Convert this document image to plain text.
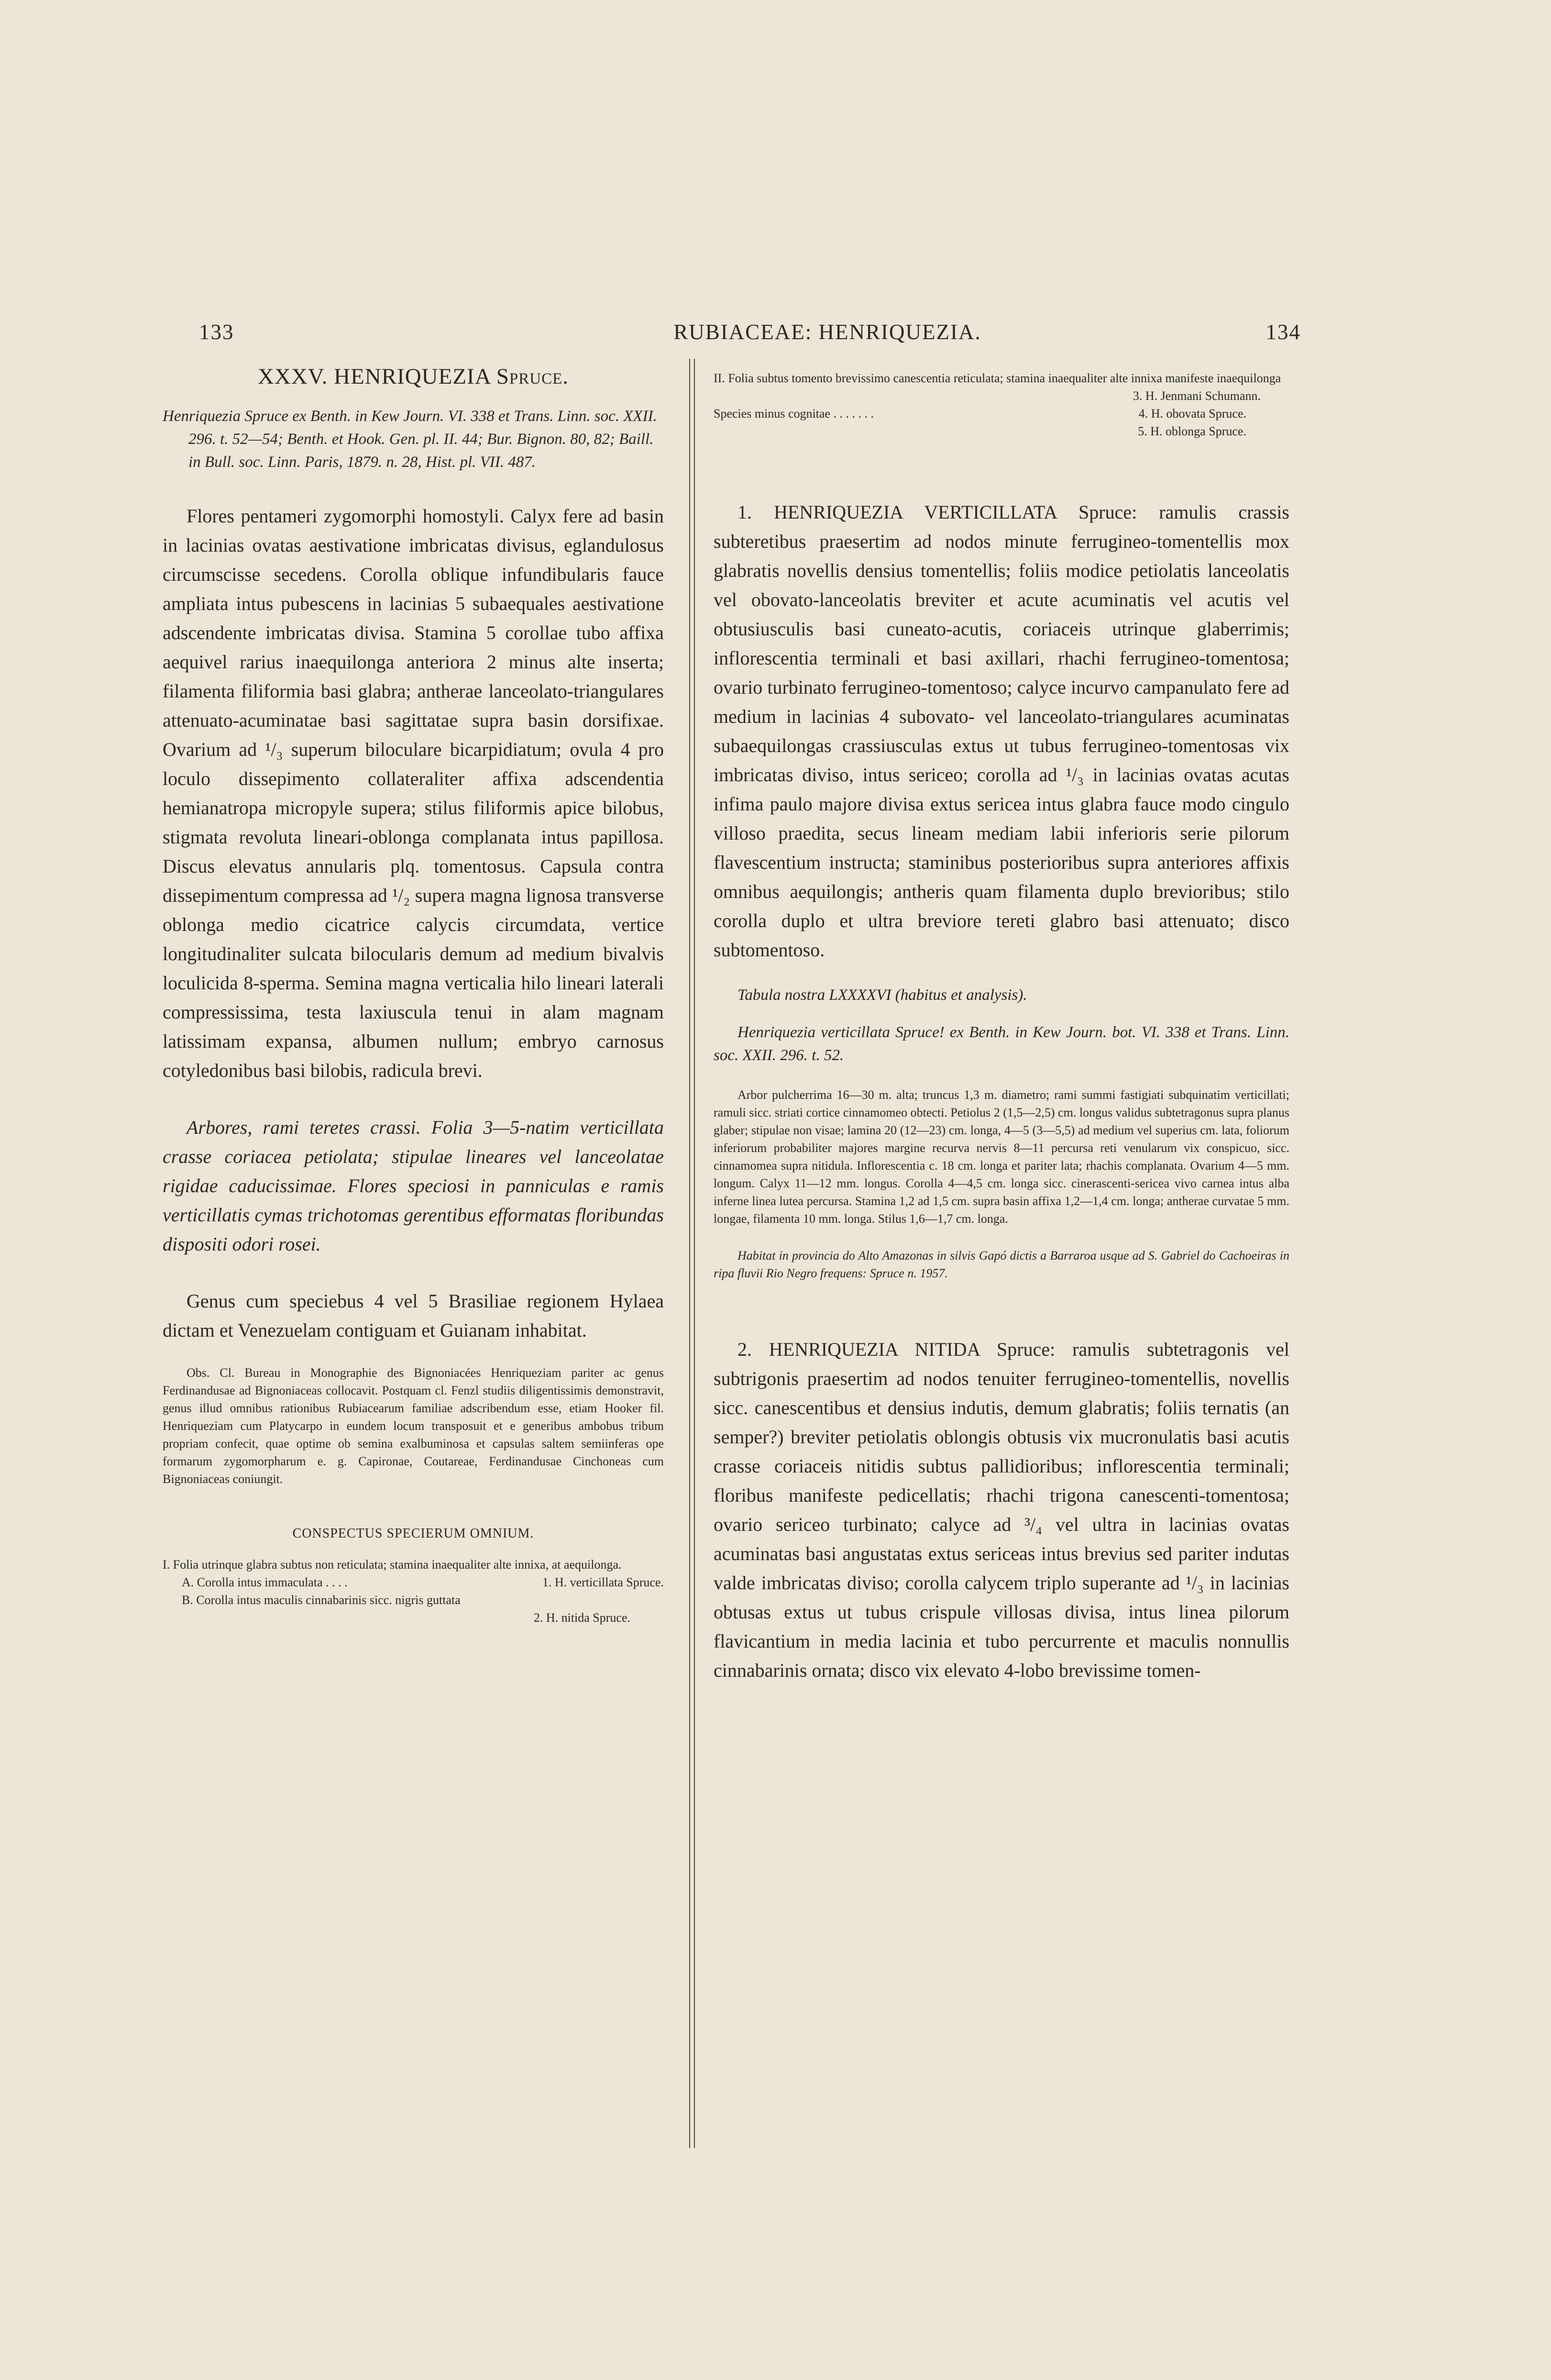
133	RUBIACEAE: HENRIQUEZIA.	134
XXXV. HENRIQUEZIA Spruce.

Henriquezia Spruce ex Benth. in Kew Journ. VI. 338 et Trans. Linn. soc. XXII. 296. t. 52—54; Benth. et Hook. Gen. pl. II. 44; Bur. Bignon. 80, 82; Baill. in Bull. soc. Linn. Paris, 1879. n. 28, Hist. pl. VII. 487.

Flores pentameri zygomorphi homostyli. Calyx fere ad basin in lacinias ovatas aestivatione imbricatas divisus, eglandulosus circumscisse secedens. Corolla oblique infundibularis fauce ampliata intus pubescens in lacinias 5 subaequales aestivatione adscendente imbricatas divisa. Stamina 5 corollae tubo affixa aequivel rarius inaequilonga anteriora 2 minus alte inserta; filamenta filiformia basi glabra; antherae lanceolato-triangulares attenuato-acuminatae basi sagittatae supra basin dorsifixae. Ovarium ad ¹/₃ superum biloculare bicarpidiatum; ovula 4 pro loculo dissepimento collateraliter affixa adscendentia hemianatropa micropyle supera; stilus filiformis apice bilobus, stigmata revoluta lineari-oblonga complanata intus papillosa. Discus elevatus annularis plq. tomentosus. Capsula contra dissepimentum compressa ad ¹/₂ supera magna lignosa transverse oblonga medio cicatrice calycis circumdata, vertice longitudinaliter sulcata bilocularis demum ad medium bivalvis loculicida 8-sperma. Semina magna verticalia hilo lineari laterali compressissima, testa laxiuscula tenui in alam magnam latissimam expansa, albumen nullum; embryo carnosus cotyledonibus basi bilobis, radicula brevi.

Arbores, rami teretes crassi. Folia 3—5-natim verticillata crasse coriacea petiolata; stipulae lineares vel lanceolatae rigidae caducissimae. Flores speciosi in panniculas e ramis verticillatis cymas trichotomas gerentibus efformatas floribundas dispositi odori rosei.

Genus cum speciebus 4 vel 5 Brasiliae regionem Hylaea dictam et Venezuelam contiguam et Guianam inhabitat.

Obs. Cl. Bureau in Monographie des Bignoniacées Henriqueziam pariter ac genus Ferdinandusae ad Bignoniaceas collocavit. Postquam cl. Fenzl studiis diligentissimis demonstravit, genus illud omnibus rationibus Rubiacearum familiae adscribendum esse, etiam Hooker fil. Henriqueziam cum Platycarpo in eundem locum transposuit et e generibus ambobus tribum propriam confecit, quae optime ob semina exalbuminosa et capsulas saltem semiinferas ope formarum zygomorpharum e. g. Capironae, Coutareae, Ferdinandusae Cinchoneas cum Bignoniaceas coniungit.

CONSPECTUS SPECIERUM OMNIUM.

I. Folia utrinque glabra subtus non reticulata; stamina inaequaliter alte innixa, at aequilonga.

A. Corolla intus immaculata . . . .	1. H. verticillata Spruce.
B. Corolla intus maculis cinnabarinis sicc. nigris guttata
2. H. nitida Spruce.

II. Folia subtus tomento brevissimo canescentia reticulata; stamina inaequaliter alte innixa manifeste inaequilonga

3. H. Jenmani Schumann.
Species minus cognitae . . . . . . .	4. H. obovata Spruce.
5. H. oblonga Spruce.

1. HENRIQUEZIA VERTICILLATA Spruce: ramulis crassis subteretibus praesertim ad nodos minute ferrugineo-tomentellis mox glabratis novellis densius tomentellis; foliis modice petiolatis lanceolatis vel obovato-lanceolatis breviter et acute acuminatis vel acutis vel obtusiusculis basi cuneato-acutis, coriaceis utrinque glaberrimis; inflorescentia terminali et basi axillari, rhachi ferrugineo-tomentosa; ovario turbinato ferrugineo-tomentoso; calyce incurvo campanulato fere ad medium in lacinias 4 subovato- vel lanceolato-triangulares acuminatas subaequilongas crassiusculas extus ut tubus ferrugineo-tomentosas vix imbricatas diviso, intus sericeo; corolla ad ¹/₃ in lacinias ovatas acutas infima paulo majore divisa extus sericea intus glabra fauce modo cingulo villoso praedita, secus lineam mediam labii inferioris serie pilorum flavescentium instructa; staminibus posterioribus supra anteriores affixis omnibus aequilongis; antheris quam filamenta duplo brevioribus; stilo corolla duplo et ultra breviore tereti glabro basi attenuato; disco subtomentoso.

Tabula nostra LXXXXVI (habitus et analysis).

Henriquezia verticillata Spruce! ex Benth. in Kew Journ. bot. VI. 338 et Trans. Linn. soc. XXII. 296. t. 52.

Arbor pulcherrima 16—30 m. alta; truncus 1,3 m. diametro; rami summi fastigiati subquinatim verticillati; ramuli sicc. striati cortice cinnamomeo obtecti. Petiolus 2 (1,5—2,5) cm. longus validus subtetragonus supra planus glaber; stipulae non visae; lamina 20 (12—23) cm. longa, 4—5 (3—5,5) ad medium vel superius cm. lata, foliorum inferiorum probabiliter majores margine recurva nervis 8—11 percursa reti venularum vix conspicuo, sicc. cinnamomea supra nitidula. Inflorescentia c. 18 cm. longa et pariter lata; rhachis complanata. Ovarium 4—5 mm. longum. Calyx 11—12 mm. longus. Corolla 4—4,5 cm. longa sicc. cinerascenti-sericea vivo carnea intus alba inferne linea lutea percursa. Stamina 1,2 ad 1,5 cm. supra basin affixa 1,2—1,4 cm. longa; antherae curvatae 5 mm. longae, filamenta 10 mm. longa. Stilus 1,6—1,7 cm. longa.

Habitat in provincia do Alto Amazonas in silvis Gapó dictis a Barraroa usque ad S. Gabriel do Cachoeiras in ripa fluvii Rio Negro frequens: Spruce n. 1957.

2. HENRIQUEZIA NITIDA Spruce: ramulis subtetragonis vel subtrigonis praesertim ad nodos tenuiter ferrugineo-tomentellis, novellis sicc. canescentibus et densius indutis, demum glabratis; foliis ternatis (an semper?) breviter petiolatis oblongis obtusis vix mucronulatis basi acutis crasse coriaceis nitidis subtus pallidioribus; inflorescentia terminali; floribus manifeste pedicellatis; rhachi trigona canescenti-tomentosa; ovario sericeo turbinato; calyce ad ³/₄ vel ultra in lacinias ovatas acuminatas basi angustatas extus sericeas intus brevius sed pariter indutas valde imbricatas diviso; corolla calycem triplo superante ad ¹/₃ in lacinias obtusas extus ut tubus crispule villosas divisa, intus linea pilorum flavicantium in media lacinia et tubo percurrente et maculis nonnullis cinnabarinis ornata; disco vix elevato 4-lobo brevissime tomen-
